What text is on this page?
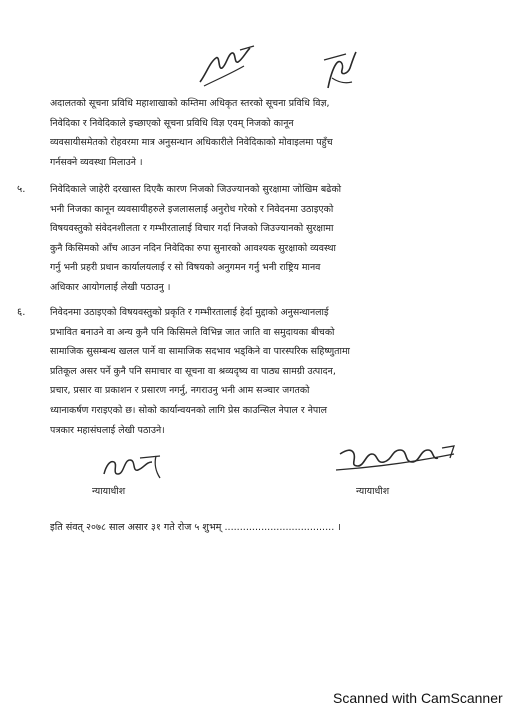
अदालतको सूचना प्रविधि महाशाखाको कम्तिमा अधिकृत स्तरको सूचना प्रविधि विज्ञ,
निवेदिका र निवेदिकाले इच्छाएको सूचना प्रविधि विज्ञ एवम् निजको कानून
व्यवसायीसमेतको रोहवरमा मात्र अनुसन्धान अधिकारीले निवेदिकाको मोवाइलमा पहुँच
गर्नसक्ने व्यवस्था मिलाउने ।
५.	निवेदिकाले जाहेरी दरखास्त दिएकै कारण निजको जिउज्यानको सुरक्षामा जोखिम बढेको
भनी निजका कानून व्यवसायीहरुले इजलासलाई अनुरोध गरेको र निवेदनमा उठाइएको
विषयवस्तुको संवेदनशीलता र गम्भीरतालाई विचार गर्दा निजको जिउज्यानको सुरक्षामा
कुनै किसिमको आँच आउन नदिन निवेदिका रुपा सुनारको आवश्यक सुरक्षाको व्यवस्था
गर्नु भनी प्रहरी प्रधान कार्यालयलाई र सो विषयको अनुगमन गर्नु भनी राष्ट्रिय मानव
अधिकार आयोगलाई लेखी पठाउनु ।
६.	निवेदनमा उठाइएको विषयवस्तुको प्रकृति र गम्भीरतालाई हेर्दा मुद्दाको अनुसन्धानलाई
प्रभावित बनाउने वा अन्य कुनै पनि किसिमले विभिन्न जात जाति वा समुदायका बीचको
सामाजिक सुसम्बन्ध खलल पार्ने वा सामाजिक सदभाव भड्किने वा पारस्परिक सहिष्णुतामा
प्रतिकूल असर पर्ने कुनै पनि समाचार वा सूचना वा श्रव्यदृष्य वा पाठ्य सामग्री उत्पादन,
प्रचार, प्रसार वा प्रकाशन र प्रसारण नगर्नु, नगराउनु भनी आम सञ्चार जगतको
ध्यानाकर्षण गराइएको छ। सोको कार्यान्वयनको लागि प्रेस काउन्सिल नेपाल र नेपाल
पत्रकार महासंघलाई लेखी पठाउने।
न्यायाधीश	न्यायाधीश
इति संवत् २०७८ साल असार ३१ गते रोज ५ शुभम् .................................... ।
Scanned with CamScanner
